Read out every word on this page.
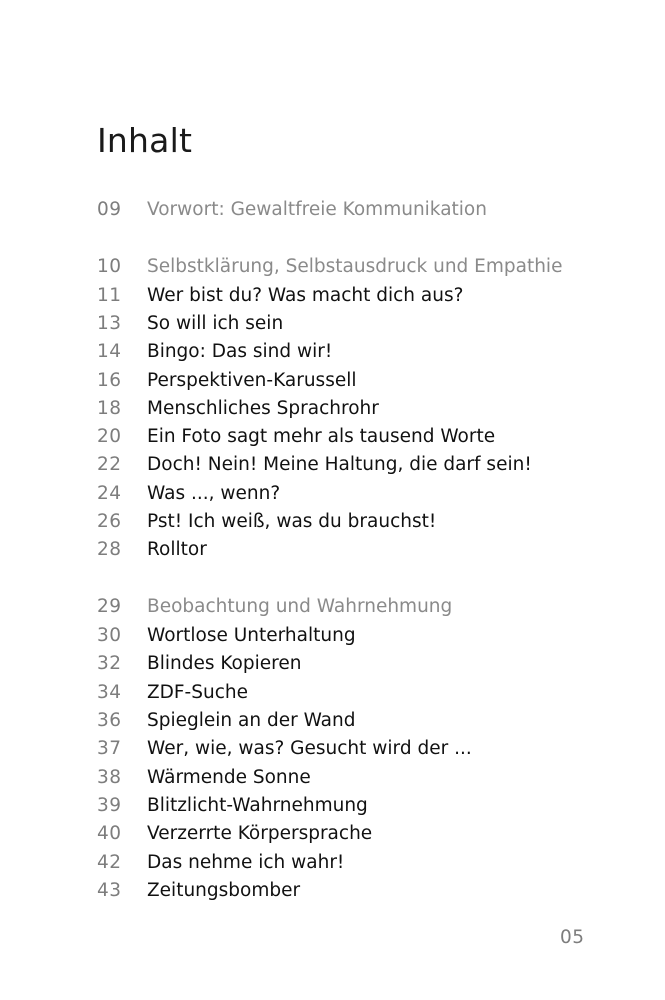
Inhalt
09 Vorwort: Gewaltfreie Kommunikation
10 Selbstklärung, Selbstausdruck und Empathie
11 Wer bist du? Was macht dich aus?
13 So will ich sein
14 Bingo: Das sind wir!
16 Perspektiven-Karussell
18 Menschliches Sprachrohr
20 Ein Foto sagt mehr als tausend Worte
22 Doch! Nein! Meine Haltung, die darf sein!
24 Was ..., wenn?
26 Pst! Ich weiß, was du brauchst!
28 Rolltor
29 Beobachtung und Wahrnehmung
30 Wortlose Unterhaltung
32 Blindes Kopieren
34 ZDF-Suche
36 Spieglein an der Wand
37 Wer, wie, was? Gesucht wird der ...
38 Wärmende Sonne
39 Blitzlicht-Wahrnehmung
40 Verzerrte Körpersprache
42 Das nehme ich wahr!
43 Zeitungsbomber
05
